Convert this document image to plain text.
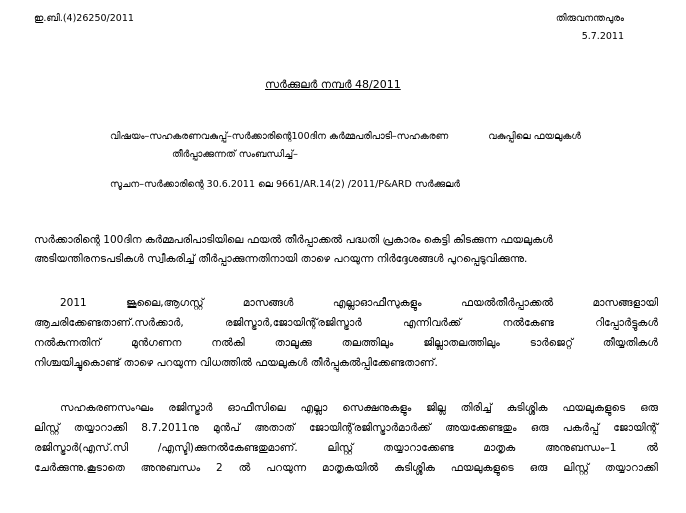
ഇ.ബി.(4)26250/2011	തിരുവനന്തപുരം
5.7.2011
സർക്കുലർ നമ്പർ 48/2011
വിഷയം–സഹകരണവകുപ്പ്–സർക്കാരിന്റെ100ദിന കർമ്മപരിപാടി–സഹകരണ	വകുപ്പിലെ ഫയലുകൾ
തീർപ്പാക്കുന്നത് സംബന്ധിച്ച്–
സൂചന–സർക്കാരിന്റെ 30.6.2011 ലെ 9661/AR.14(2) /2011/P&ARD സർക്കുലർ
സർക്കാരിന്റെ 100ദിന കർമ്മപരിപാടിയിലെ ഫയൽ തീർപ്പാക്കൽ പദ്ധതി പ്രകാരം കെട്ടി കിടക്കുന്ന ഫയലുകൾ
അടിയന്തിരനടപടികൾ സ്വീകരിച്ച് തീർപ്പാക്കുന്നതിനായി താഴെ പറയുന്ന നിർദ്ദേശങ്ങൾ പുറപ്പെടുവിക്കുന്നു.
2011	ജൂലൈ,ആഗസ്റ്റ്	മാസങ്ങൾ	എല്ലാഓഫീസുകളും	ഫയൽതീർപ്പാക്കൽ	മാസങ്ങളായി
ആചരിക്കേണ്ടതാണ്.സർക്കാർ,	രജിസ്ട്രാർ,ജോയിന്റ്‌രജിസ്ട്രാർ	എന്നിവർക്ക്	നൽകേണ്ട	റിപ്പോർട്ടുകൾ
നൽകുന്നതിന്	മുൻഗണന	നൽകി	താലൂക്കു	തലത്തിലും	ജില്ലാതലത്തിലും	ടാർജെറ്റ്	തീയ്യതികൾ
നിശ്ചയിച്ചുകൊണ്ട് താഴെ പറയുന്ന വിധത്തിൽ ഫയലുകൾ തീർപ്പുകൽപ്പിക്കേണ്ടതാണ്.
സഹകരണസംഘം രജിസ്ട്രാർ ഓഫീസിലെ എല്ലാ സെക്ഷനുകളും ജില്ല തിരിച്ച് കുടിശ്ശിക ഫയലുകളുടെ ഒരു
ലിസ്റ്റ് തയ്യാറാക്കി 8.7.2011നു മുൻപ് അതാത് ജോയിന്റ്‌രജിസ്ട്രാർമാർക്ക് അയക്കേണ്ടതും ഒരു പകർപ്പ് ജോയിന്റ്
രജിസ്ട്രാർ(എസ്.സി	/എസ്ടി)ക്കുനൽകേണ്ടതുമാണ്.	ലിസ്റ്റ്	തയ്യാറാക്കേണ്ട	മാതൃക	അനുബന്ധം–1	ൽ
ചേർക്കുന്നു.കൂടാതെ അനുബന്ധം 2 ൽ പറയുന്ന മാതൃകയിൽ കുടിശ്ശിക ഫയലുകളുടെ ഒരു ലിസ്റ്റ് തയ്യാറാക്കി
